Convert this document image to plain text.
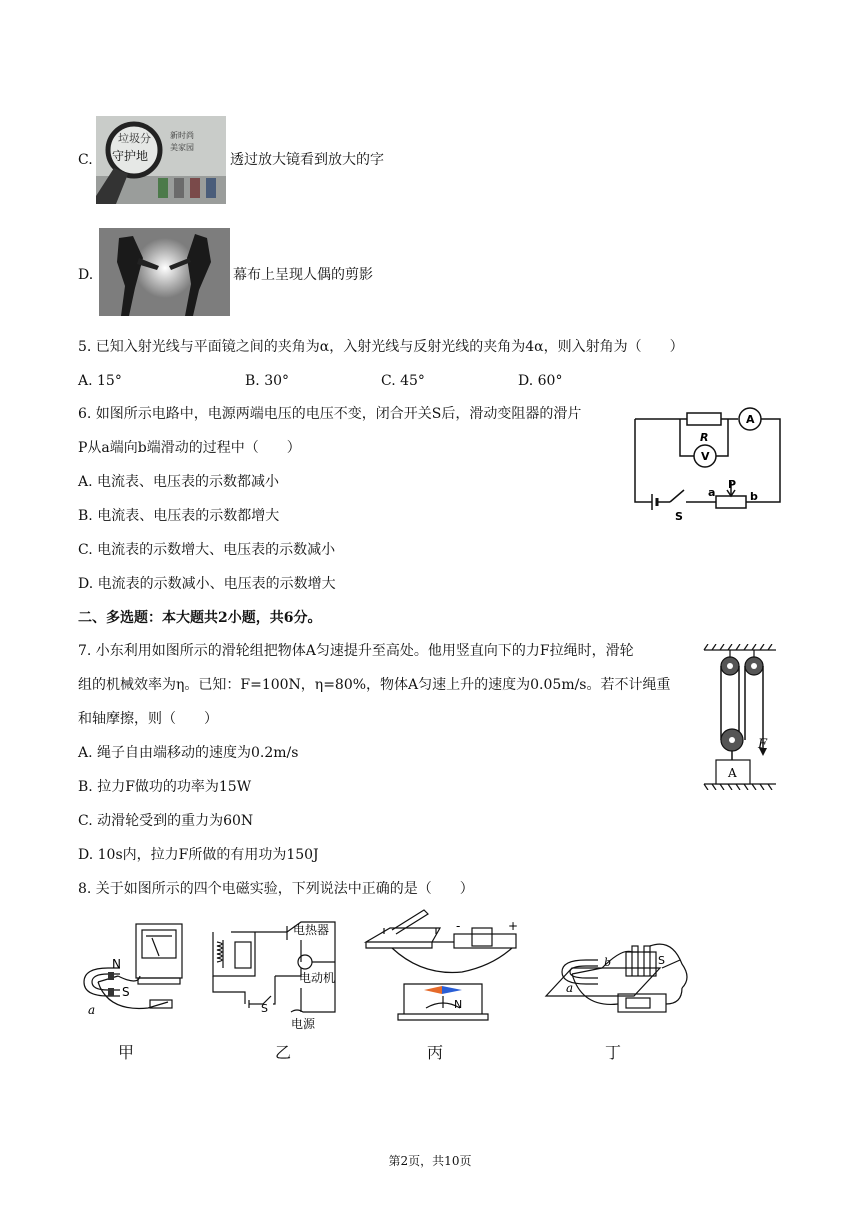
C.
垃圾分
守护地
新时尚
美家园
透过放大镜看到放大的字
D.	幕布上呈现人偶的剪影
5. 已知入射光线与平面镜之间的夹角为α，入射光线与反射光线的夹角为4α，则入射角为（　　）
A. 15°	B. 30°	C. 45°	D. 60°
6. 如图所示电路中，电源两端电压的电压不变，闭合开关S后，滑动变阻器的滑片
P从a端向b端滑动的过程中（　　）
A. 电流表、电压表的示数都减小
B. 电流表、电压表的示数都增大
C. 电流表的示数增大、电压表的示数减小
D. 电流表的示数减小、电压表的示数增大
R
A
V
a
P
b
S
二、多选题：本大题共2小题，共6分。
7. 小东利用如图所示的滑轮组把物体A匀速提升至高处。他用竖直向下的力F拉绳时，滑轮
组的机械效率为η。已知：F=100N，η=80%，物体A匀速上升的速度为0.05m/s。若不计绳重
和轴摩擦，则（　　）
A. 绳子自由端移动的速度为0.2m/s
B. 拉力F做功的功率为15W
C. 动滑轮受到的重力为60N
D. 10s内，拉力F所做的有用功为150J
F
A
8. 关于如图所示的四个电磁实验，下列说法中正确的是（　　）
N
S
a
电热器
电动机
电源
S	N
-	+
S
a
b
甲	乙	丙	丁
第2页，共10页
